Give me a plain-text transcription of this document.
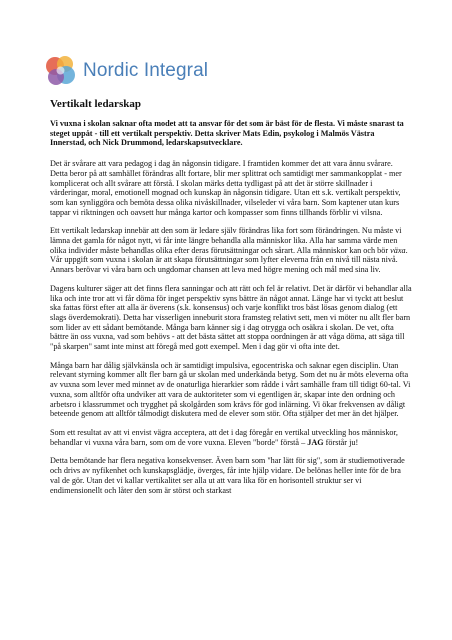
Nordic Integral
Vertikalt ledarskap

Vi vuxna i skolan saknar ofta modet att ta ansvar för det som är bäst för de flesta. Vi måste snarast ta steget uppåt - till ett vertikalt perspektiv. Detta skriver Mats Edin, psykolog i Malmös Västra Innerstad, och Nick Drummond, ledarskapsutvecklare.

Det är svårare att vara pedagog i dag än någonsin tidigare. I framtiden kommer det att vara ännu svårare. Detta beror på att samhället förändras allt fortare, blir mer splittrat och samtidigt mer sammankopplat - mer komplicerat och allt svårare att förstå. I skolan märks detta tydligast på att det är större skillnader i värderingar, moral, emotionell mognad och kunskap än någonsin tidigare. Utan ett s.k. vertikalt perspektiv, som kan synliggöra och bemöta dessa olika nivåskillnader, vilseleder vi våra barn. Som kaptener utan kurs tappar vi riktningen och oavsett hur många kartor och kompasser som finns tillhands förblir vi vilsna.

Ett vertikalt ledarskap innebär att den som är ledare själv förändras lika fort som förändringen. Nu måste vi lämna det gamla för något nytt, vi får inte längre behandla alla människor lika. Alla har samma värde men olika individer måste behandlas olika efter deras förutsättningar och sårart. Alla människor kan och bör växa. Vår uppgift som vuxna i skolan är att skapa förutsättningar som lyfter eleverna från en nivå till nästa nivå. Annars berövar vi våra barn och ungdomar chansen att leva med högre mening och mål med sina liv.

Dagens kulturer säger att det finns flera sanningar och att rätt och fel är relativt. Det är därför vi behandlar alla lika och inte tror att vi får döma för inget perspektiv syns bättre än något annat. Länge har vi tyckt att beslut ska fattas först efter att alla är överens (s.k. konsensus) och varje konflikt tros bäst lösas genom dialog (ett slags överdemokrati). Detta har visserligen inneburit stora framsteg relativt sett, men vi möter nu allt fler barn som lider av ett sådant bemötande. Många barn känner sig i dag otrygga och osäkra i skolan. De vet, ofta bättre än oss vuxna, vad som behövs - att det bästa sättet att stoppa oordningen är att våga döma, att säga till "på skarpen" samt inte minst att föregå med gott exempel. Men i dag gör vi ofta inte det.

Många barn har dålig självkänsla och är samtidigt impulsiva, egocentriska och saknar egen disciplin. Utan relevant styrning kommer allt fler barn gå ur skolan med underkända betyg. Som det nu är möts eleverna ofta av vuxna som lever med minnet av de onaturliga hierarkier som rådde i vårt samhälle fram till tidigt 60-tal. Vi vuxna, som alltför ofta undviker att vara de auktoriteter som vi egentligen är, skapar inte den ordning och arbetsro i klassrummet och trygghet på skolgården som krävs för god inlärning. Vi ökar frekvensen av dåligt beteende genom att alltför tålmodigt diskutera med de elever som stör. Ofta stjälper det mer än det hjälper.

Som ett resultat av att vi envist vägra acceptera, att det i dag föregår en vertikal utveckling hos människor, behandlar vi vuxna våra barn, som om de vore vuxna. Eleven "borde" förstå – JAG förstår ju!

Detta bemötande har flera negativa konsekvenser. Även barn som "har lätt för sig", som är studiemotiverade och drivs av nyfikenhet och kunskapsglädje, överges, får inte hjälp vidare. De belönas heller inte för de bra val de gör. Utan det vi kallar vertikalitet ser alla ut att vara lika för en horisontell struktur ser vi endimensionellt och låter den som är störst och starkast
